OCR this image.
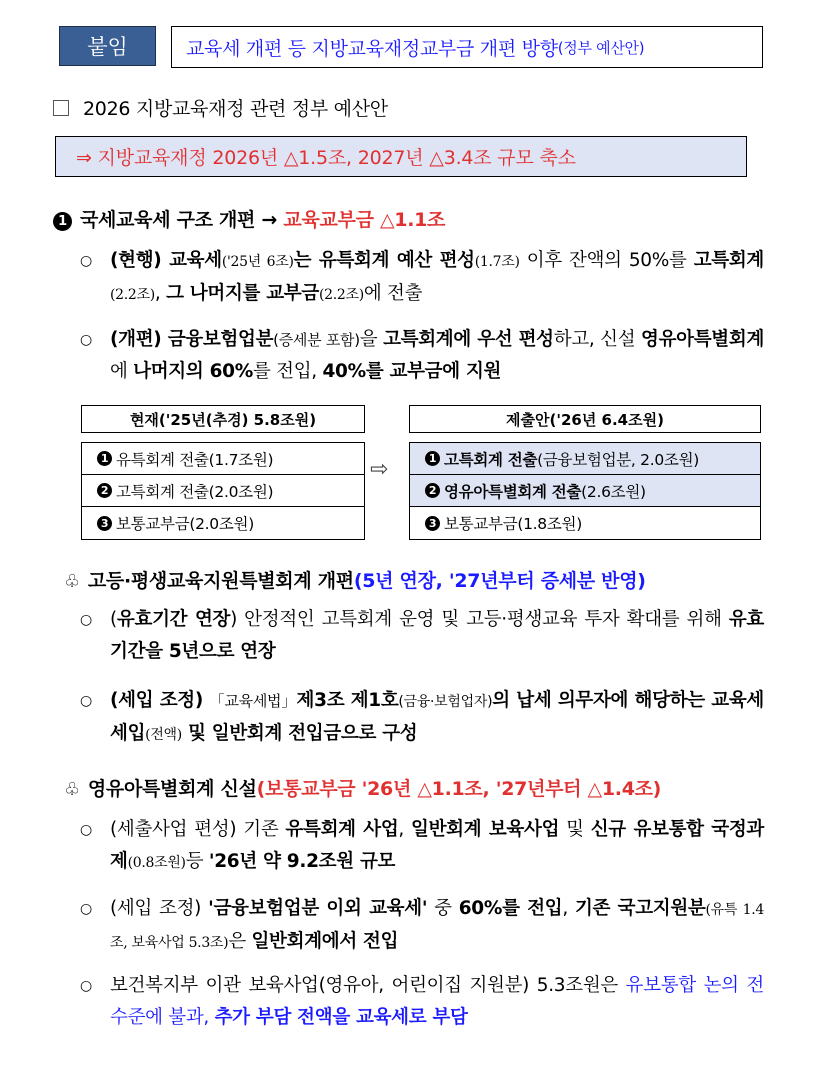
붙임	교육세 개편 등 지방교육재정교부금 개편 방향 (정부 예산안)
2026 지방교육재정 관련 정부 예산안
⇒ 지방교육재정 2026년 △1.5조, 2027년 △3.4조 규모 축소
1 국세교육세 구조 개편 → 교육교부금 △1.1조
○ (현행) 교육세('25년 6조)는 유특회계 예산 편성(1.7조) 이후 잔액의 50%를 고특회계(2.2조), 그 나머지를 교부금(2.2조)에 전출
○ (개편) 금융보험업분(증세분 포함)을 고특회계에 우선 편성하고, 신설 영유아특별회계에 나머지의 60%를 전입, 40%를 교부금에 지원
현재('25년(추경) 5.8조원)
1 유특회계 전출(1.7조원)
2 고특회계 전출(2.0조원)
3 보통교부금(2.0조원)
⇨
제출안('26년 6.4조원)
1 고특회계 전출 (금융보험업분, 2.0조원)
2 영유아특별회계 전출 (2.6조원)
3 보통교부금(1.8조원)
♧ 고등·평생교육지원특별회계 개편(5년 연장, '27년부터 증세분 반영)
○ (유효기간 연장) 안정적인 고특회계 운영 및 고등·평생교육 투자 확대를 위해 유효기간을 5년으로 연장
○ (세입 조정) 「교육세법」제3조 제1호(금융·보험업자)의 납세 의무자에 해당하는 교육세 세입(전액) 및 일반회계 전입금으로 구성
♧ 영유아특별회계 신설(보통교부금 '26년 △1.1조, '27년부터 △1.4조)
○ (세출사업 편성) 기존 유특회계 사업, 일반회계 보육사업 및 신규 유보통합 국정과제(0.8조원)등 '26년 약 9.2조원 규모
○ (세입 조정) '금융보험업분 이외 교육세' 중 60%를 전입, 기존 국고지원분(유특 1.4조, 보육사업 5.3조)은 일반회계에서 전입
○ 보건복지부 이관 보육사업(영유아, 어린이집 지원분) 5.3조원은 유보통합 논의 전 수준에 불과, 추가 부담 전액을 교육세로 부담
